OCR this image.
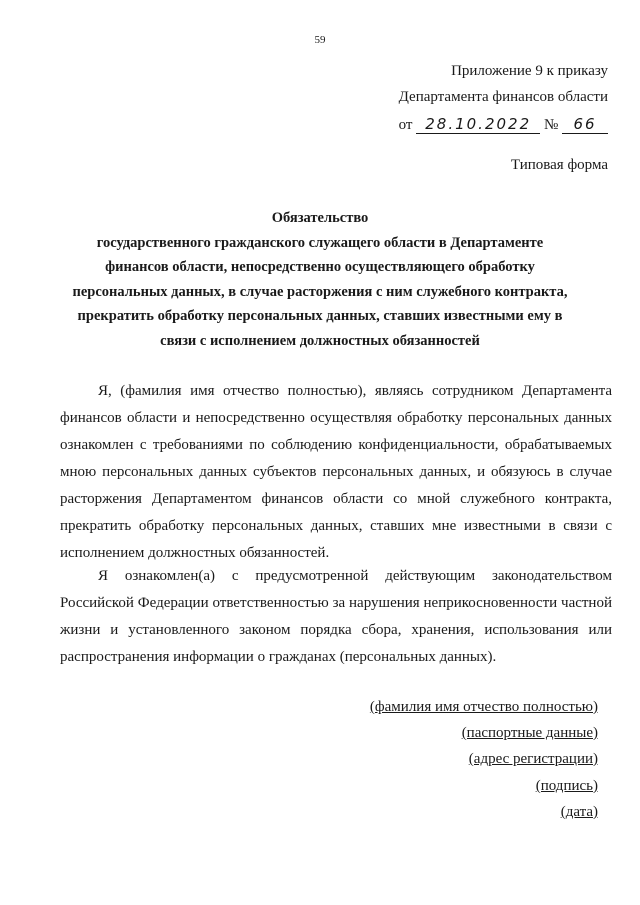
59
Приложение 9 к приказу
Департамента финансов области
от 28.10.2022 № 66
Типовая форма
Обязательство
государственного гражданского служащего области в Департаменте
финансов области, непосредственно осуществляющего обработку
персональных данных, в случае расторжения с ним служебного контракта,
прекратить обработку персональных данных, ставших известными ему в
связи с исполнением должностных обязанностей

Я, (фамилия имя отчество полностью), являясь сотрудником Департамента финансов области и непосредственно осуществляя обработку персональных данных ознакомлен с требованиями по соблюдению конфиденциальности, обрабатываемых мною персональных данных субъектов персональных данных, и обязуюсь в случае расторжения Департаментом финансов области со мной служебного контракта, прекратить обработку персональных данных, ставших мне известными в связи с исполнением должностных обязанностей.

Я ознакомлен(а) с предусмотренной действующим законодательством Российской Федерации ответственностью за нарушения неприкосновенности частной жизни и установленного законом порядка сбора, хранения, использования или распространения информации о гражданах (персональных данных).

(фамилия имя отчество полностью)
(паспортные данные)
(адрес регистрации)
(подпись)
(дата)
